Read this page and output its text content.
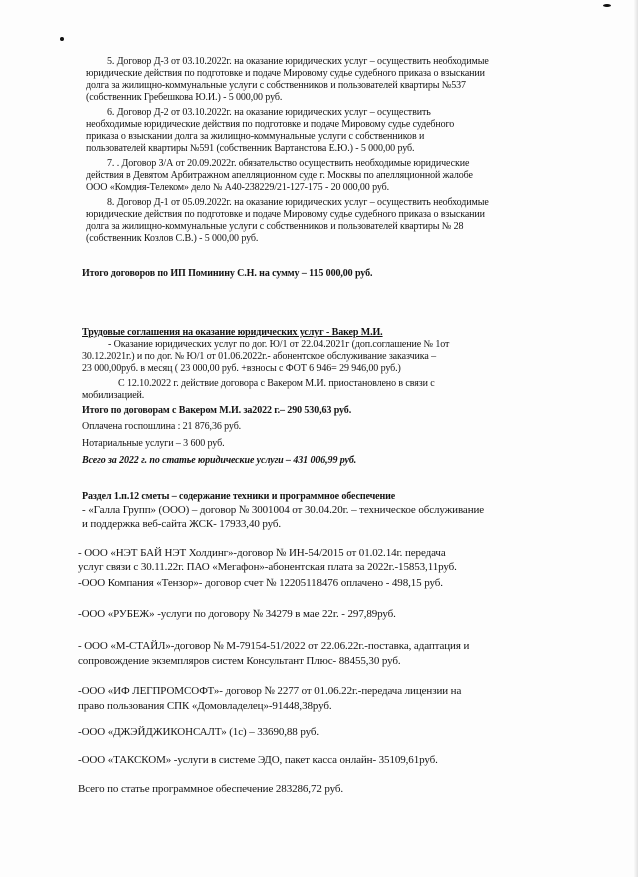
5. Договор Д-3 от 03.10.2022г. на оказание юридических услуг – осуществить необходимые
юридические действия по подготовке и подаче Мировому судье судебного приказа о взыскании
долга за жилищно-коммунальные услуги с собственников и пользователей квартиры №537
(собственник Гребешкова Ю.И.) - 5 000,00 руб.
6. Договор Д-2 от 03.10.2022г. на оказание юридических услуг – осуществить
необходимые юридические действия по подготовке и подаче Мировому судье судебного
приказа о взыскании долга за жилищно-коммунальные услуги с собственников и
пользователей квартиры №591 (собственник Вартанстова Е.Ю.) - 5 000,00 руб.
7. . Договор З/А от 20.09.2022г. обязательство осуществить необходимые юридические
действия в Девятом Арбитражном апелляционном суде г. Москвы по апелляционной жалобе
ООО «Комдия-Телеком» дело № А40-238229/21-127-175 - 20 000,00 руб.
8. Договор Д-1 от 05.09.2022г. на оказание юридических услуг – осуществить необходимые
юридические действия по подготовке и подаче Мировому судье судебного приказа о взыскании
долга за жилищно-коммунальные услуги с собственников и пользователей квартиры № 28
(собственник Козлов С.В.) - 5 000,00 руб.
Итого договоров по ИП Поминину С.Н. на сумму – 115 000,00 руб.
Трудовые соглашения на оказание юридических услуг - Вакер М.И.
- Оказание юридических услуг по дог. Ю/1 от 22.04.2021г (доп.соглашение № 1от
30.12.2021г.) и по дог. № Ю/1 от 01.06.2022г.- абонентское обслуживание заказчика –
23 000,00руб. в месяц ( 23 000,00 руб. +взносы с ФОТ 6 946= 29 946,00 руб.)
С 12.10.2022 г. действие договора с Вакером М.И. приостановлено в связи с
мобилизацией.
Итого по договорам с Вакером М.И. за2022 г.– 290 530,63 руб.
Оплачена госпошлина : 21 876,36 руб.
Нотариальные услуги – 3 600 руб.
Всего за 2022 г. по статье юридические услуги – 431 006,99 руб.
Раздел 1.п.12 сметы – содержание техники и программное обеспечение
- «Галла Групп» (ООО) – договор № 3001004 от 30.04.20г. – техническое обслуживание
и поддержка веб-сайта ЖСК- 17933,40 руб.
- ООО «НЭТ БАЙ НЭТ Холдинг»-договор № ИН-54/2015 от 01.02.14г. передача
услуг связи с 30.11.22г. ПАО «Мегафон»-абонентская плата за 2022г.-15853,11руб.
-ООО Компания «Тензор»- договор счет № 12205118476 оплачено - 498,15 руб.
-ООО «РУБЕЖ» -услуги по договору № 34279 в мае 22г. - 297,89руб.
- ООО «М-СТАЙЛ»-договор № М-79154-51/2022 от 22.06.22г.-поставка, адаптация и
сопровождение экземпляров систем Консультант Плюс- 88455,30 руб.
-ООО «ИФ ЛЕГПРОМСОФТ»- договор № 2277 от 01.06.22г.-передача лицензии на
право пользования СПК «Домовладелец»-91448,38руб.
-ООО «ДЖЭЙДЖИКОНСАЛТ» (1с) – 33690,88 руб.
-ООО «ТАКСКОМ» -услуги в системе ЭДО, пакет касса онлайн- 35109,61руб.
Всего по статье программное обеспечение 283286,72 руб.
